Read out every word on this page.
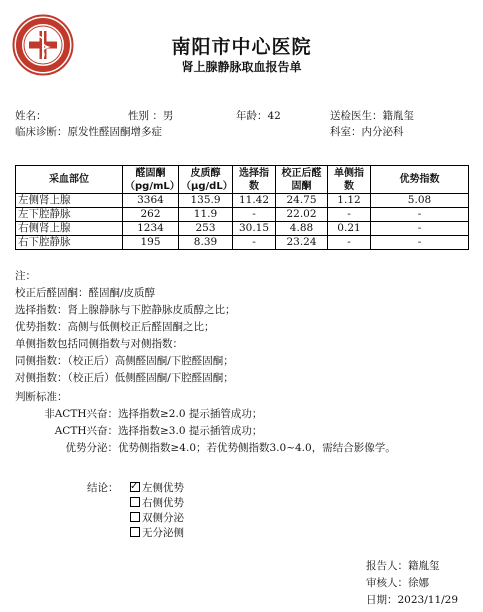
南阳市中心医院
肾上腺静脉取血报告单
姓名：	性别 ：男	年龄：42	送检医生：籍胤玺
临床诊断：原发性醛固酮增多症	科室：内分泌科
采血部位	醛固酮（pg/mL）	皮质醇（μg/dL）	选择指数	校正后醛固酮	单侧指数	优势指数
左侧肾上腺	3364	135.9	11.42	24.75	1.12	5.08
左下腔静脉	262	11.9	-	22.02	-	-
右侧肾上腺	1234	253	30.15	4.88	0.21	-
右下腔静脉	195	8.39	-	23.24	-	-
注：
校正后醛固酮：醛固酮/皮质醇
选择指数：肾上腺静脉与下腔静脉皮质醇之比；
优势指数：高侧与低侧校正后醛固酮之比；
单侧指数包括同侧指数与对侧指数：
同侧指数：（校正后）高侧醛固酮/下腔醛固酮；
对侧指数：（校正后）低侧醛固酮/下腔醛固酮；
判断标准：
非ACTH兴奋：选择指数≥2.0 提示插管成功；
ACTH兴奋：选择指数≥3.0 提示插管成功；
优势分泌：优势侧指数≥4.0；若优势侧指数3.0~4.0，需结合影像学。
结论： ✓	左侧优势
右侧优势
双侧分泌
无分泌侧
报告人：籍胤玺
审核人：徐娜
日期：2023/11/29
